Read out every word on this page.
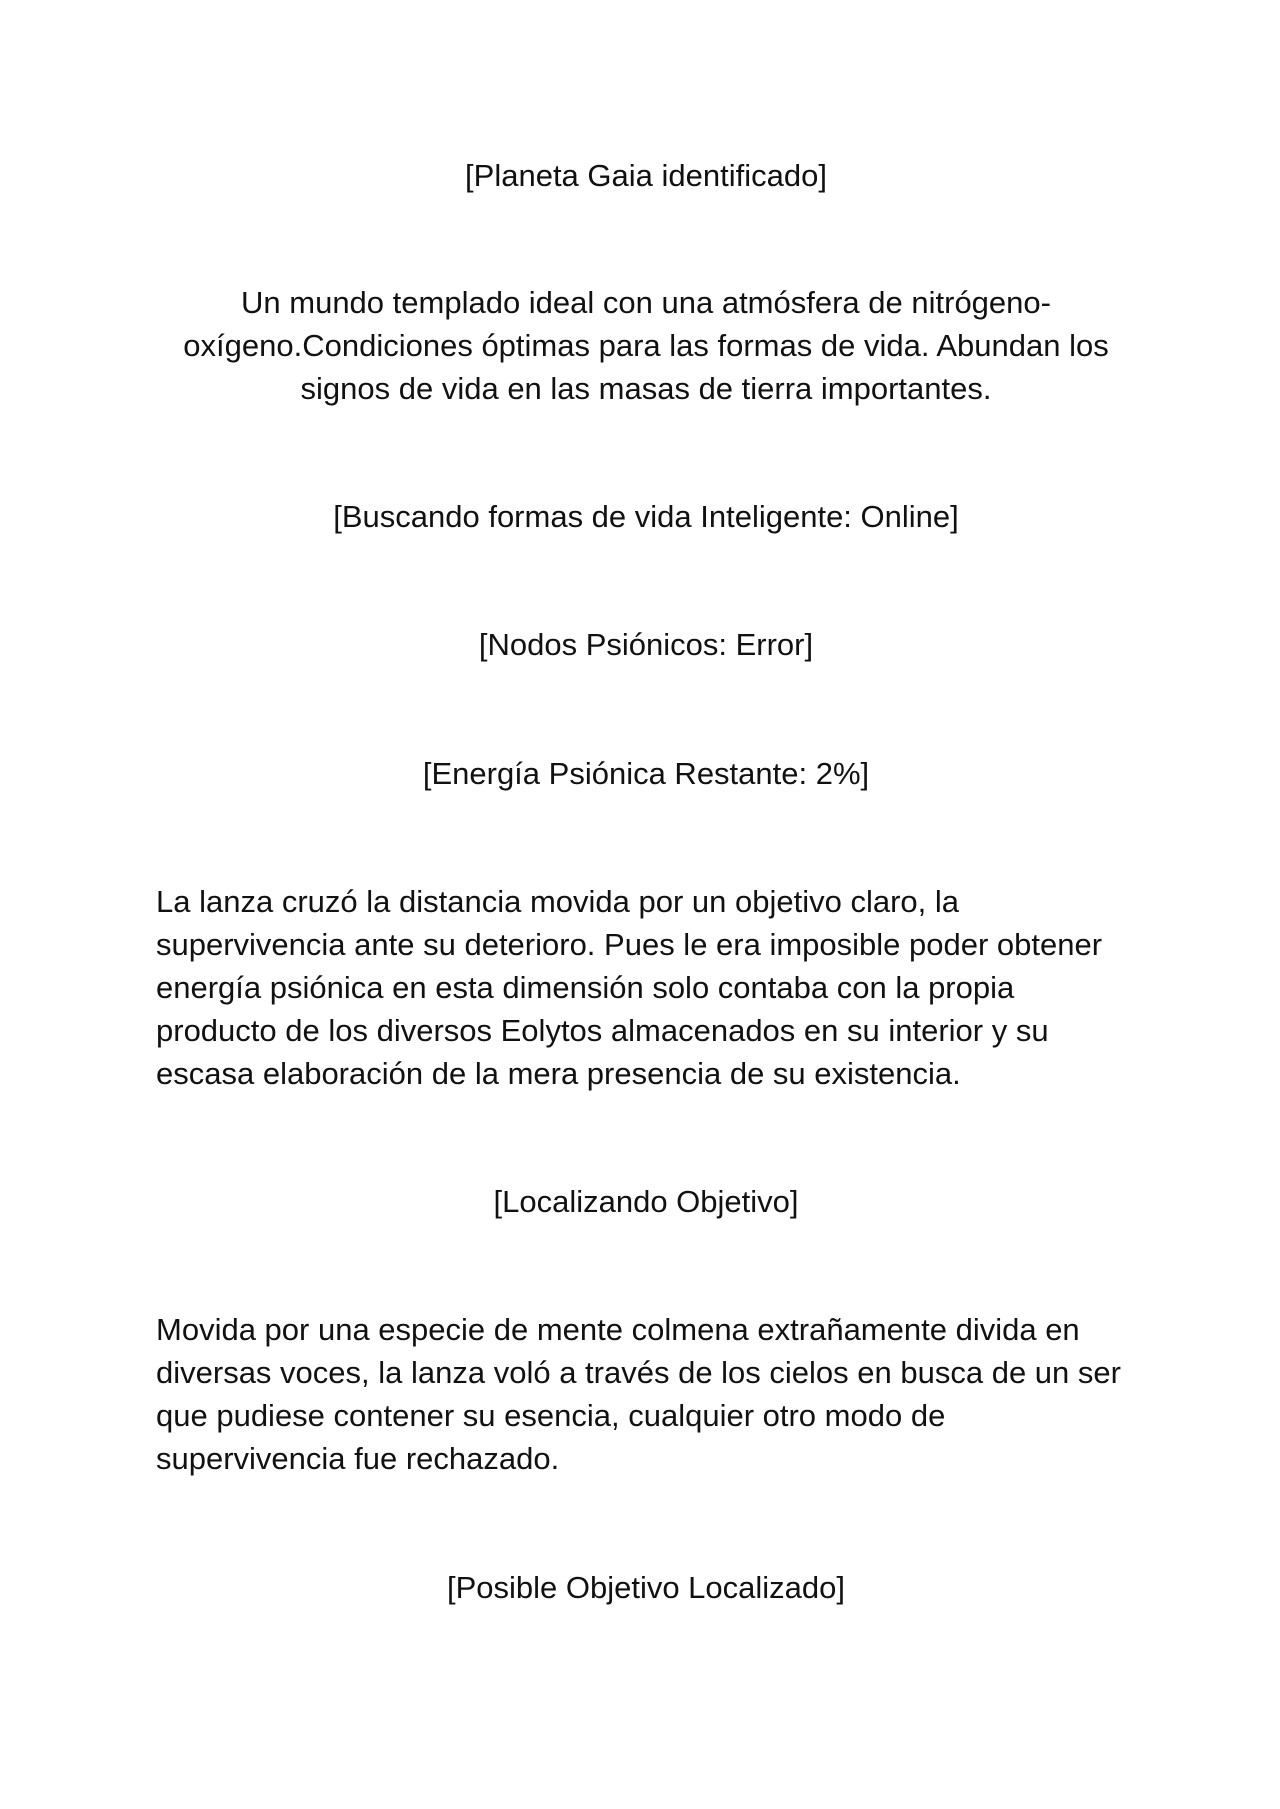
[Planeta Gaia identificado]

Un mundo templado ideal con una atmósfera de nitrógeno-oxígeno.Condiciones óptimas para las formas de vida. Abundan los signos de vida en las masas de tierra importantes.

[Buscando formas de vida Inteligente: Online]

[Nodos Psiónicos: Error]

[Energía Psiónica Restante: 2%]

La lanza cruzó la distancia movida por un objetivo claro, la supervivencia ante su deterioro. Pues le era imposible poder obtener energía psiónica en esta dimensión solo contaba con la propia producto de los diversos Eolytos almacenados en su interior y su escasa elaboración de la mera presencia de su existencia.

[Localizando Objetivo]

Movida por una especie de mente colmena extrañamente divida en diversas voces, la lanza voló a través de los cielos en busca de un ser que pudiese contener su esencia, cualquier otro modo de supervivencia fue rechazado.

[Posible Objetivo Localizado]
